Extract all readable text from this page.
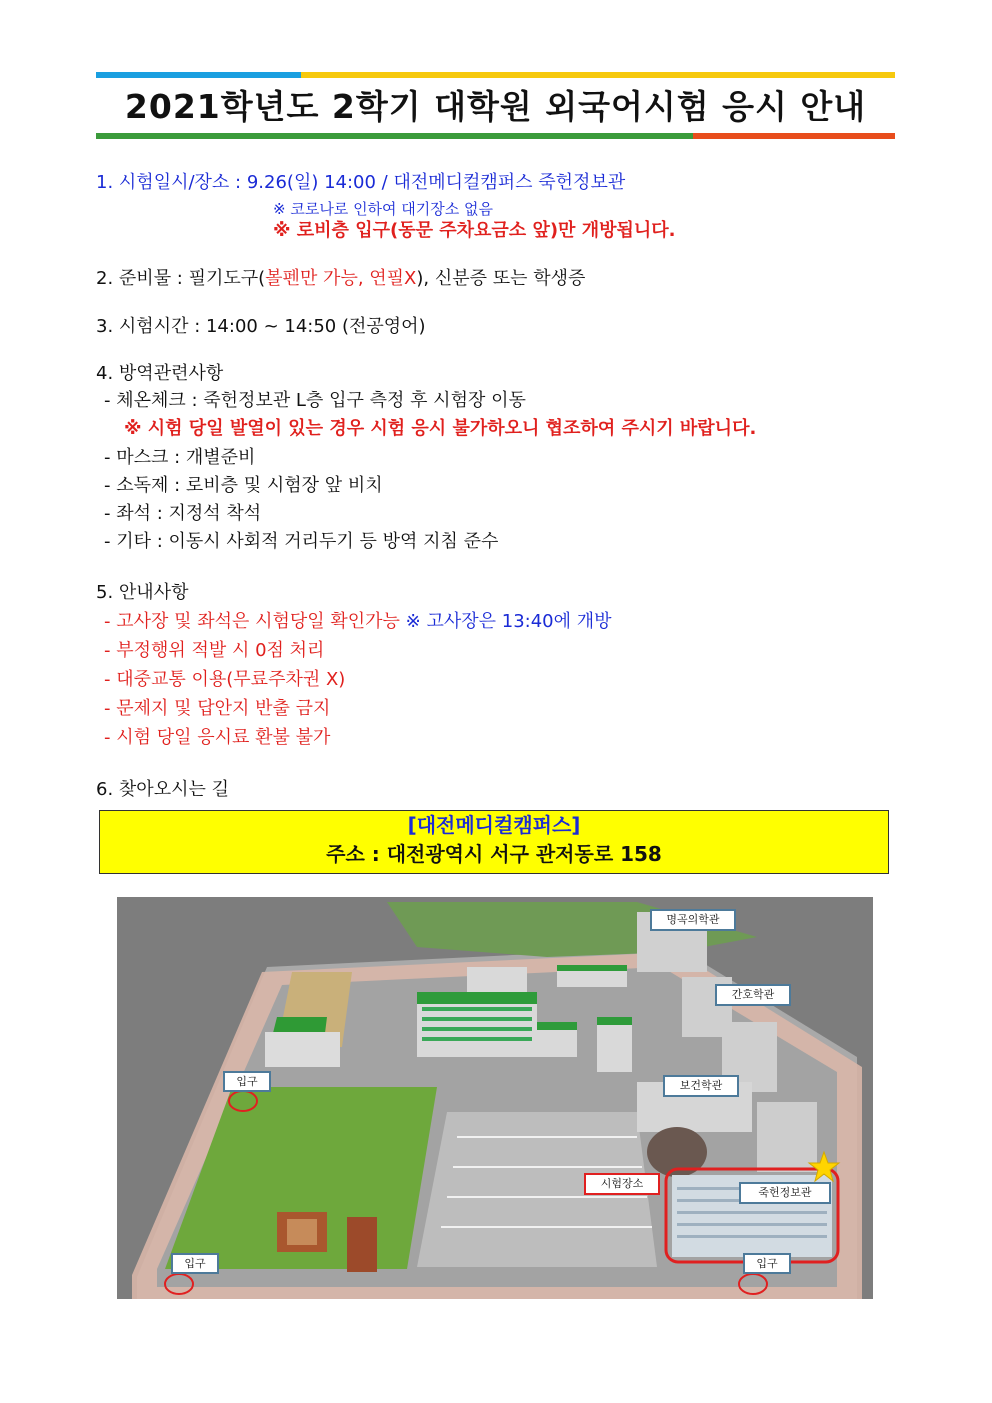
2021학년도 2학기 대학원 외국어시험 응시 안내
1. 시험일시/장소 : 9.26(일) 14:00 / 대전메디컬캠퍼스 죽헌정보관
※ 코로나로 인하여 대기장소 없음
※ 로비층 입구(동문 주차요금소 앞)만 개방됩니다.
2. 준비물 : 필기도구(볼펜만 가능, 연필X), 신분증 또는 학생증
3. 시험시간 : 14:00 ~ 14:50 (전공영어)
4. 방역관련사항
- 체온체크 : 죽헌정보관 L층 입구 측정 후 시험장 이동
※ 시험 당일 발열이 있는 경우 시험 응시 불가하오니 협조하여 주시기 바랍니다.
- 마스크 : 개별준비
- 소독제 : 로비층 및 시험장 앞 비치
- 좌석 : 지정석 착석
- 기타 : 이동시 사회적 거리두기 등 방역 지침 준수
5. 안내사항
- 고사장 및 좌석은 시험당일 확인가능 ※ 고사장은 13:40에 개방
- 부정행위 적발 시 0점 처리
- 대중교통 이용(무료주차권 X)
- 문제지 및 답안지 반출 금지
- 시험 당일 응시료 환불 불가
6. 찾아오시는 길
[대전메디컬캠퍼스]
주소 : 대전광역시 서구 관저동로 158
명곡의학관
간호학관
보건학관
죽헌정보관
시험장소
입구
입구	입구
